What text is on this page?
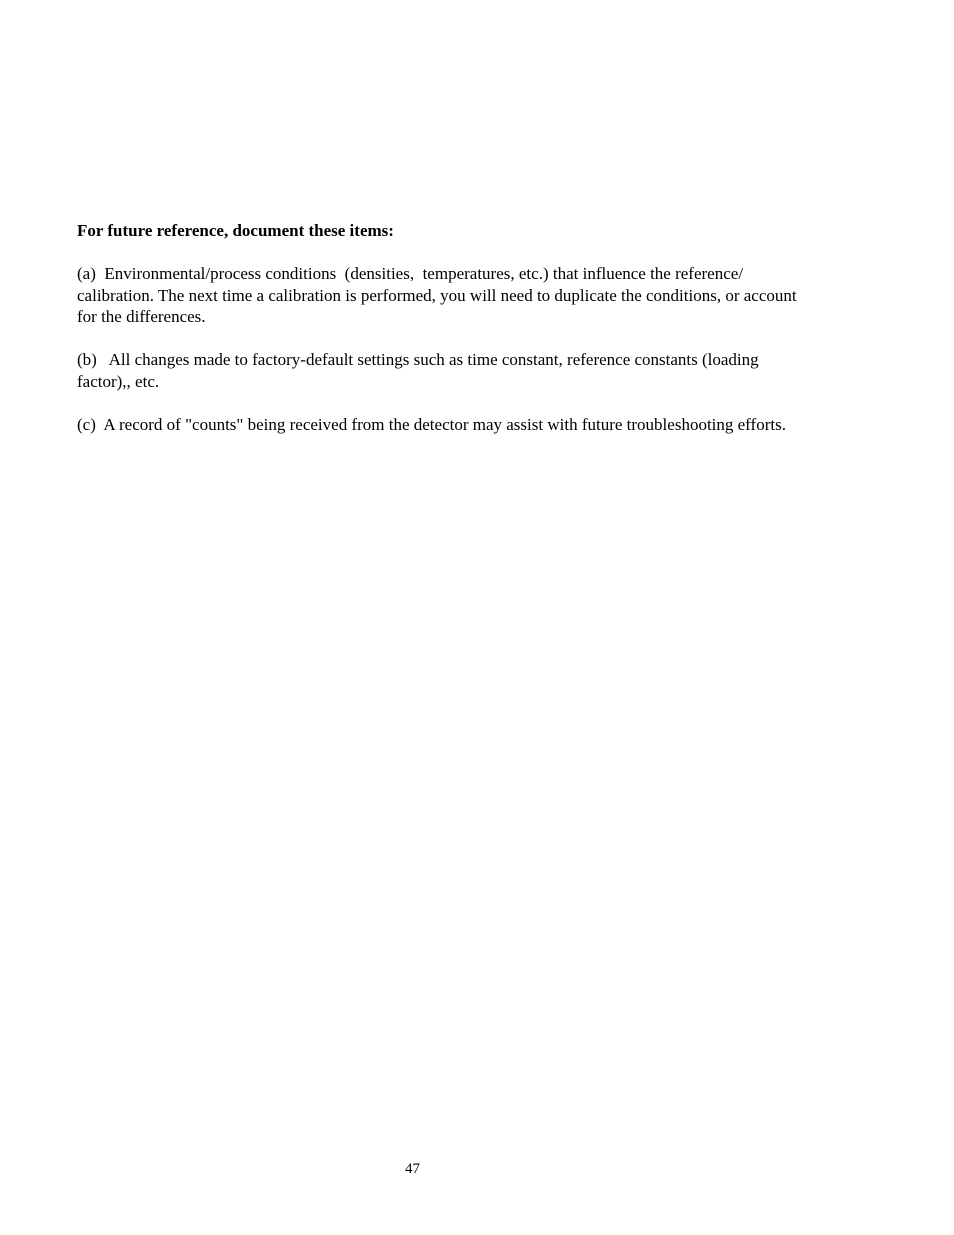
For future reference, document these items:

(a)  Environmental/process conditions  (densities,  temperatures, etc.) that influence the reference/
calibration. The next time a calibration is performed, you will need to duplicate the conditions, or account
for the differences.

(b)   All changes made to factory-default settings such as time constant, reference constants (loading
factor),, etc.

(c)  A record of "counts" being received from the detector may assist with future troubleshooting efforts.

47
